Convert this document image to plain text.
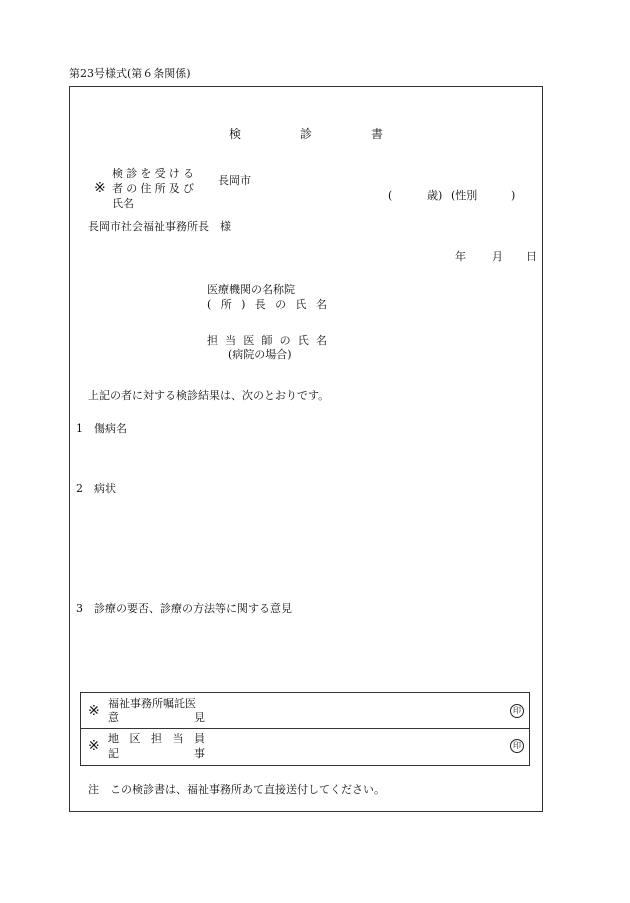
第23号様式(第６条関係)
検	診	書
※
検 診 を 受 け る
者 の 住 所 及 び
氏名
長岡市
(	歳) (性別	)
長岡市社会福祉事務所長　様
年 月 日
医療機関の名称院
( 所 ) 長 の 氏 名
担 当 医 師 の 氏 名
(病院の場合)
上記の者に対する検診結果は、次のとおりです。
1 傷病名
2 病状
3 診療の要否、診療の方法等に関する意見
※ 福祉事務所嘱託医
意	見
印
※ 地 区 担 当 員
記	事
印
注　この検診書は、福祉事務所あて直接送付してください。
